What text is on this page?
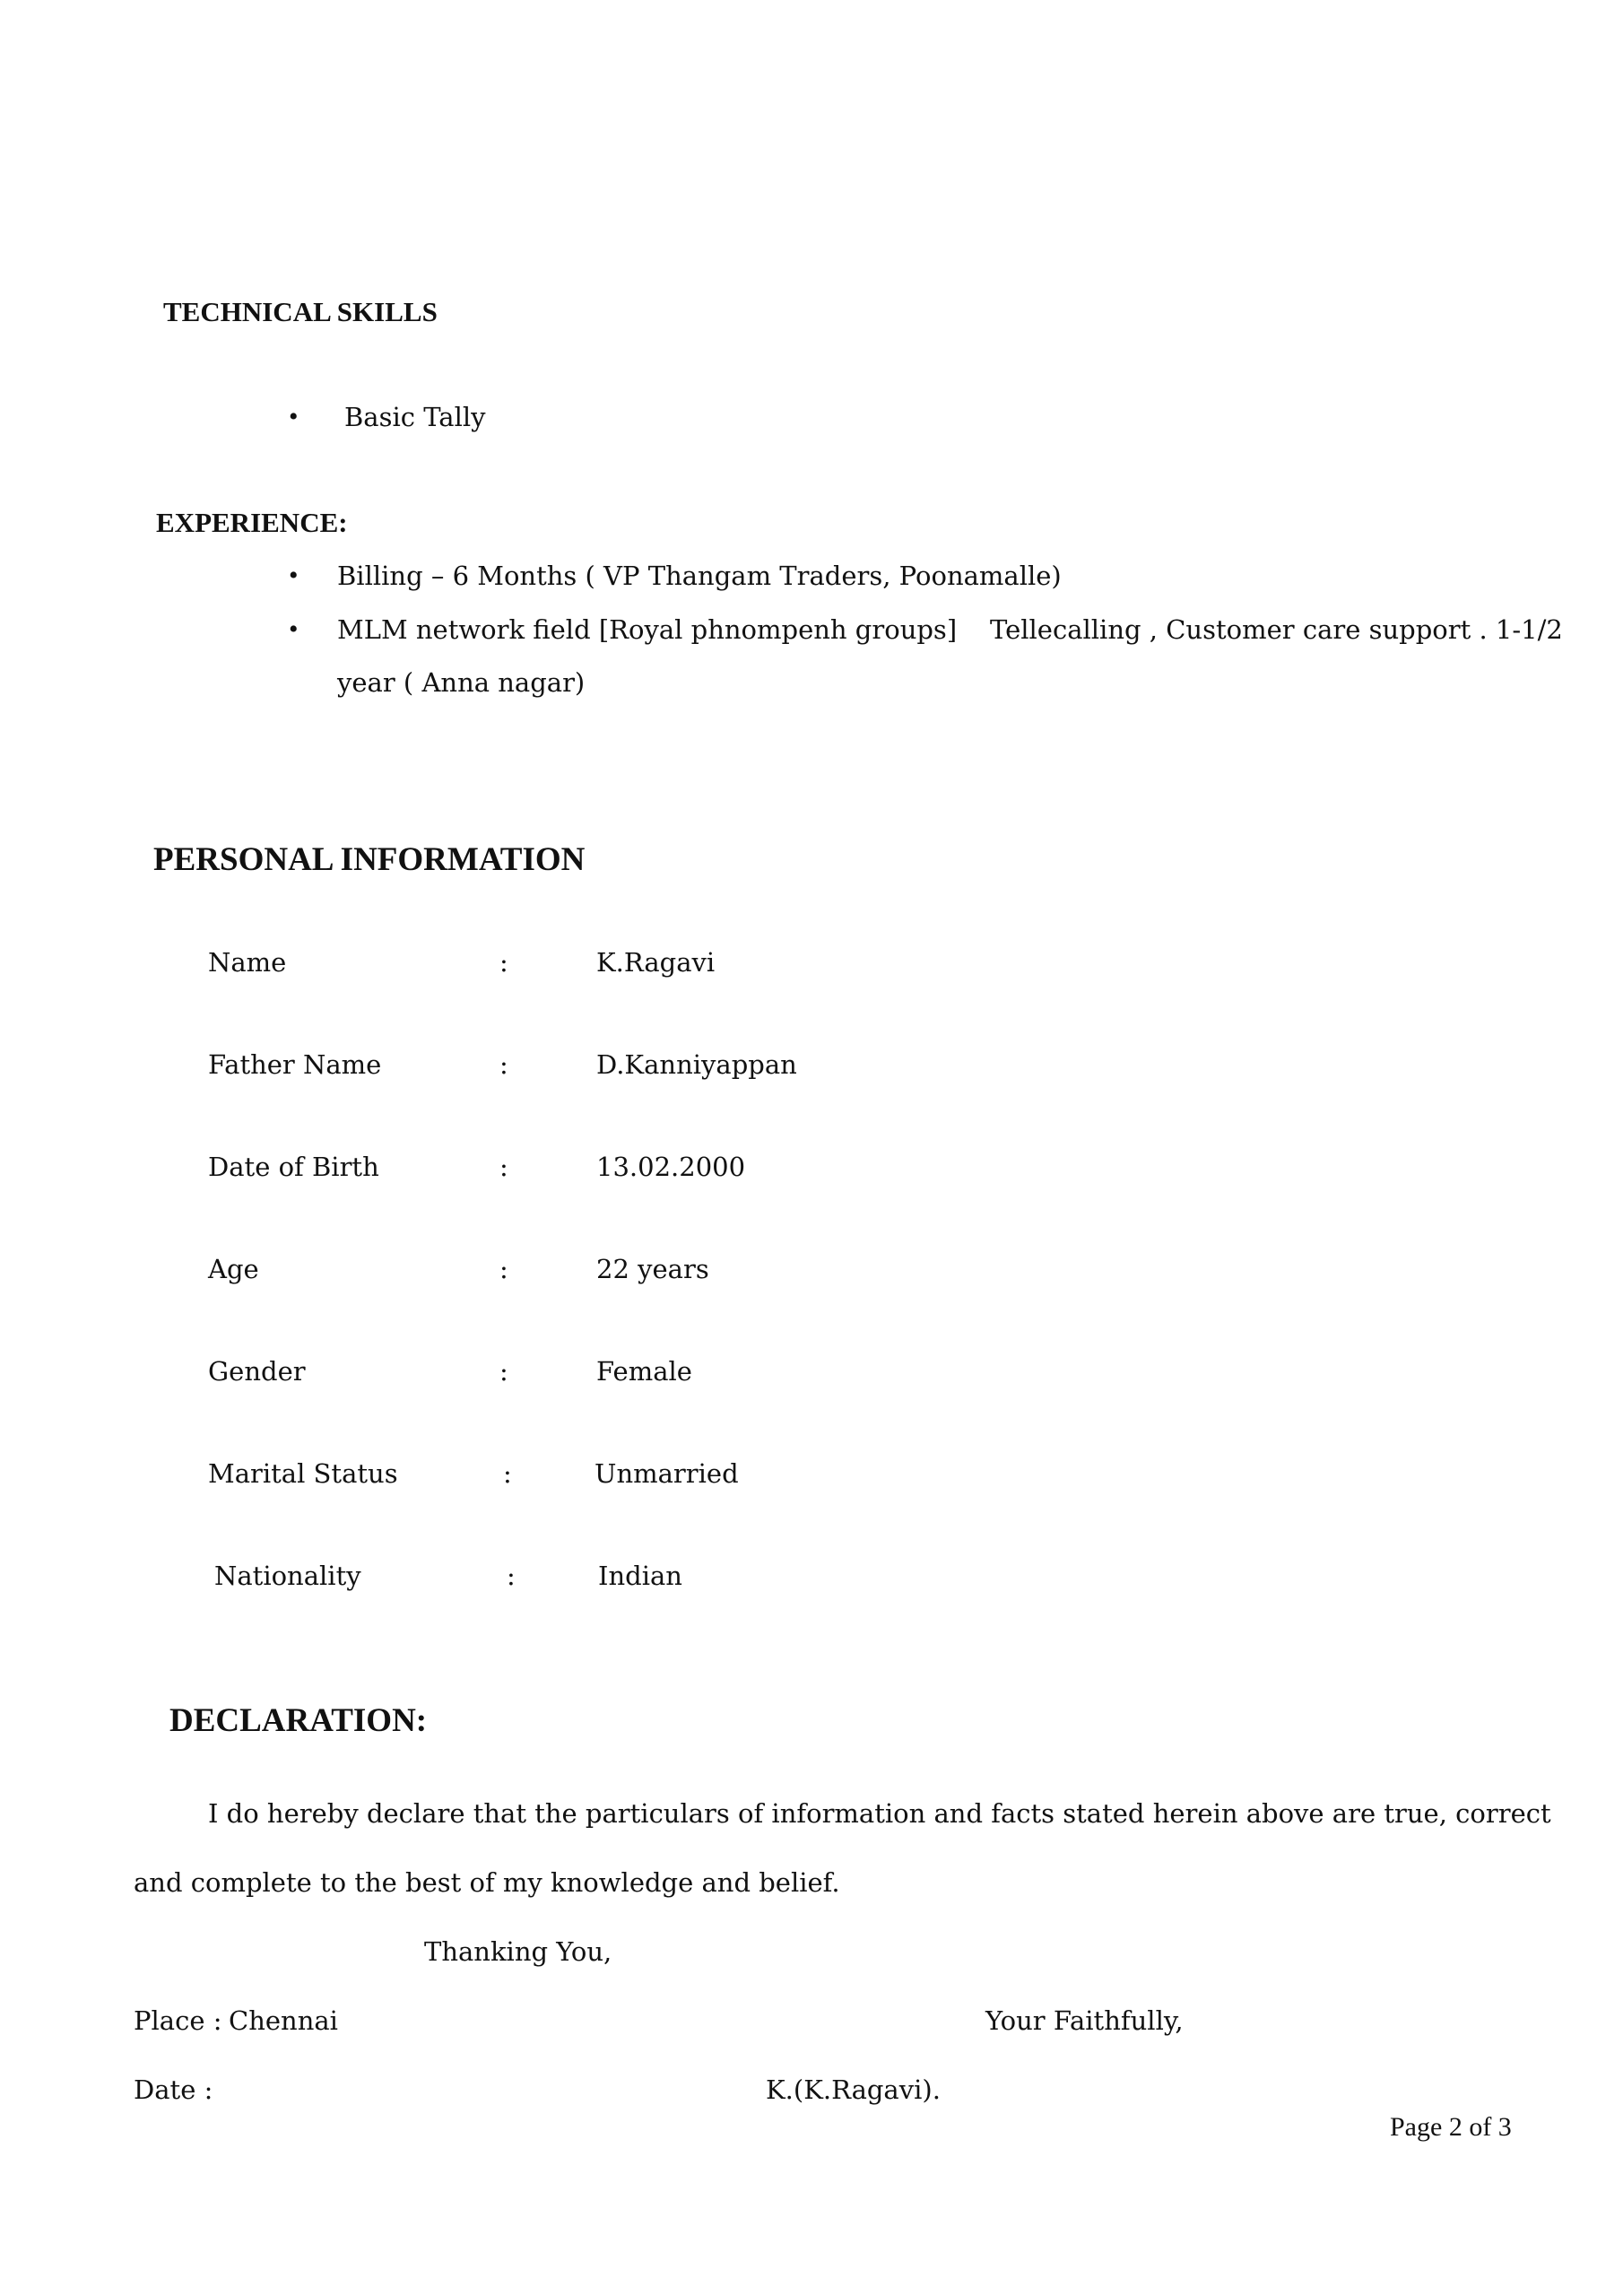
TECHNICAL SKILLS
• Basic Tally
EXPERIENCE:
• Billing – 6 Months ( VP Thangam Traders, Poonamalle)
• MLM network field [Royal phnompenh groups]    Tellecalling , Customer care support . 1-1/2
year ( Anna nagar)
PERSONAL INFORMATION
Name	:	K.Ragavi
Father Name	:	D.Kanniyappan
Date of Birth	:	13.02.2000
Age	:	22 years
Gender	:	Female
Marital Status	:	Unmarried
Nationality	:	Indian
DECLARATION:
I do hereby declare that the particulars of information and facts stated herein above are true, correct
and complete to the best of my knowledge and belief.
Thanking You,
Place : Chennai	Your Faithfully,
Date :	K.(K.Ragavi).
Page 2 of 3
